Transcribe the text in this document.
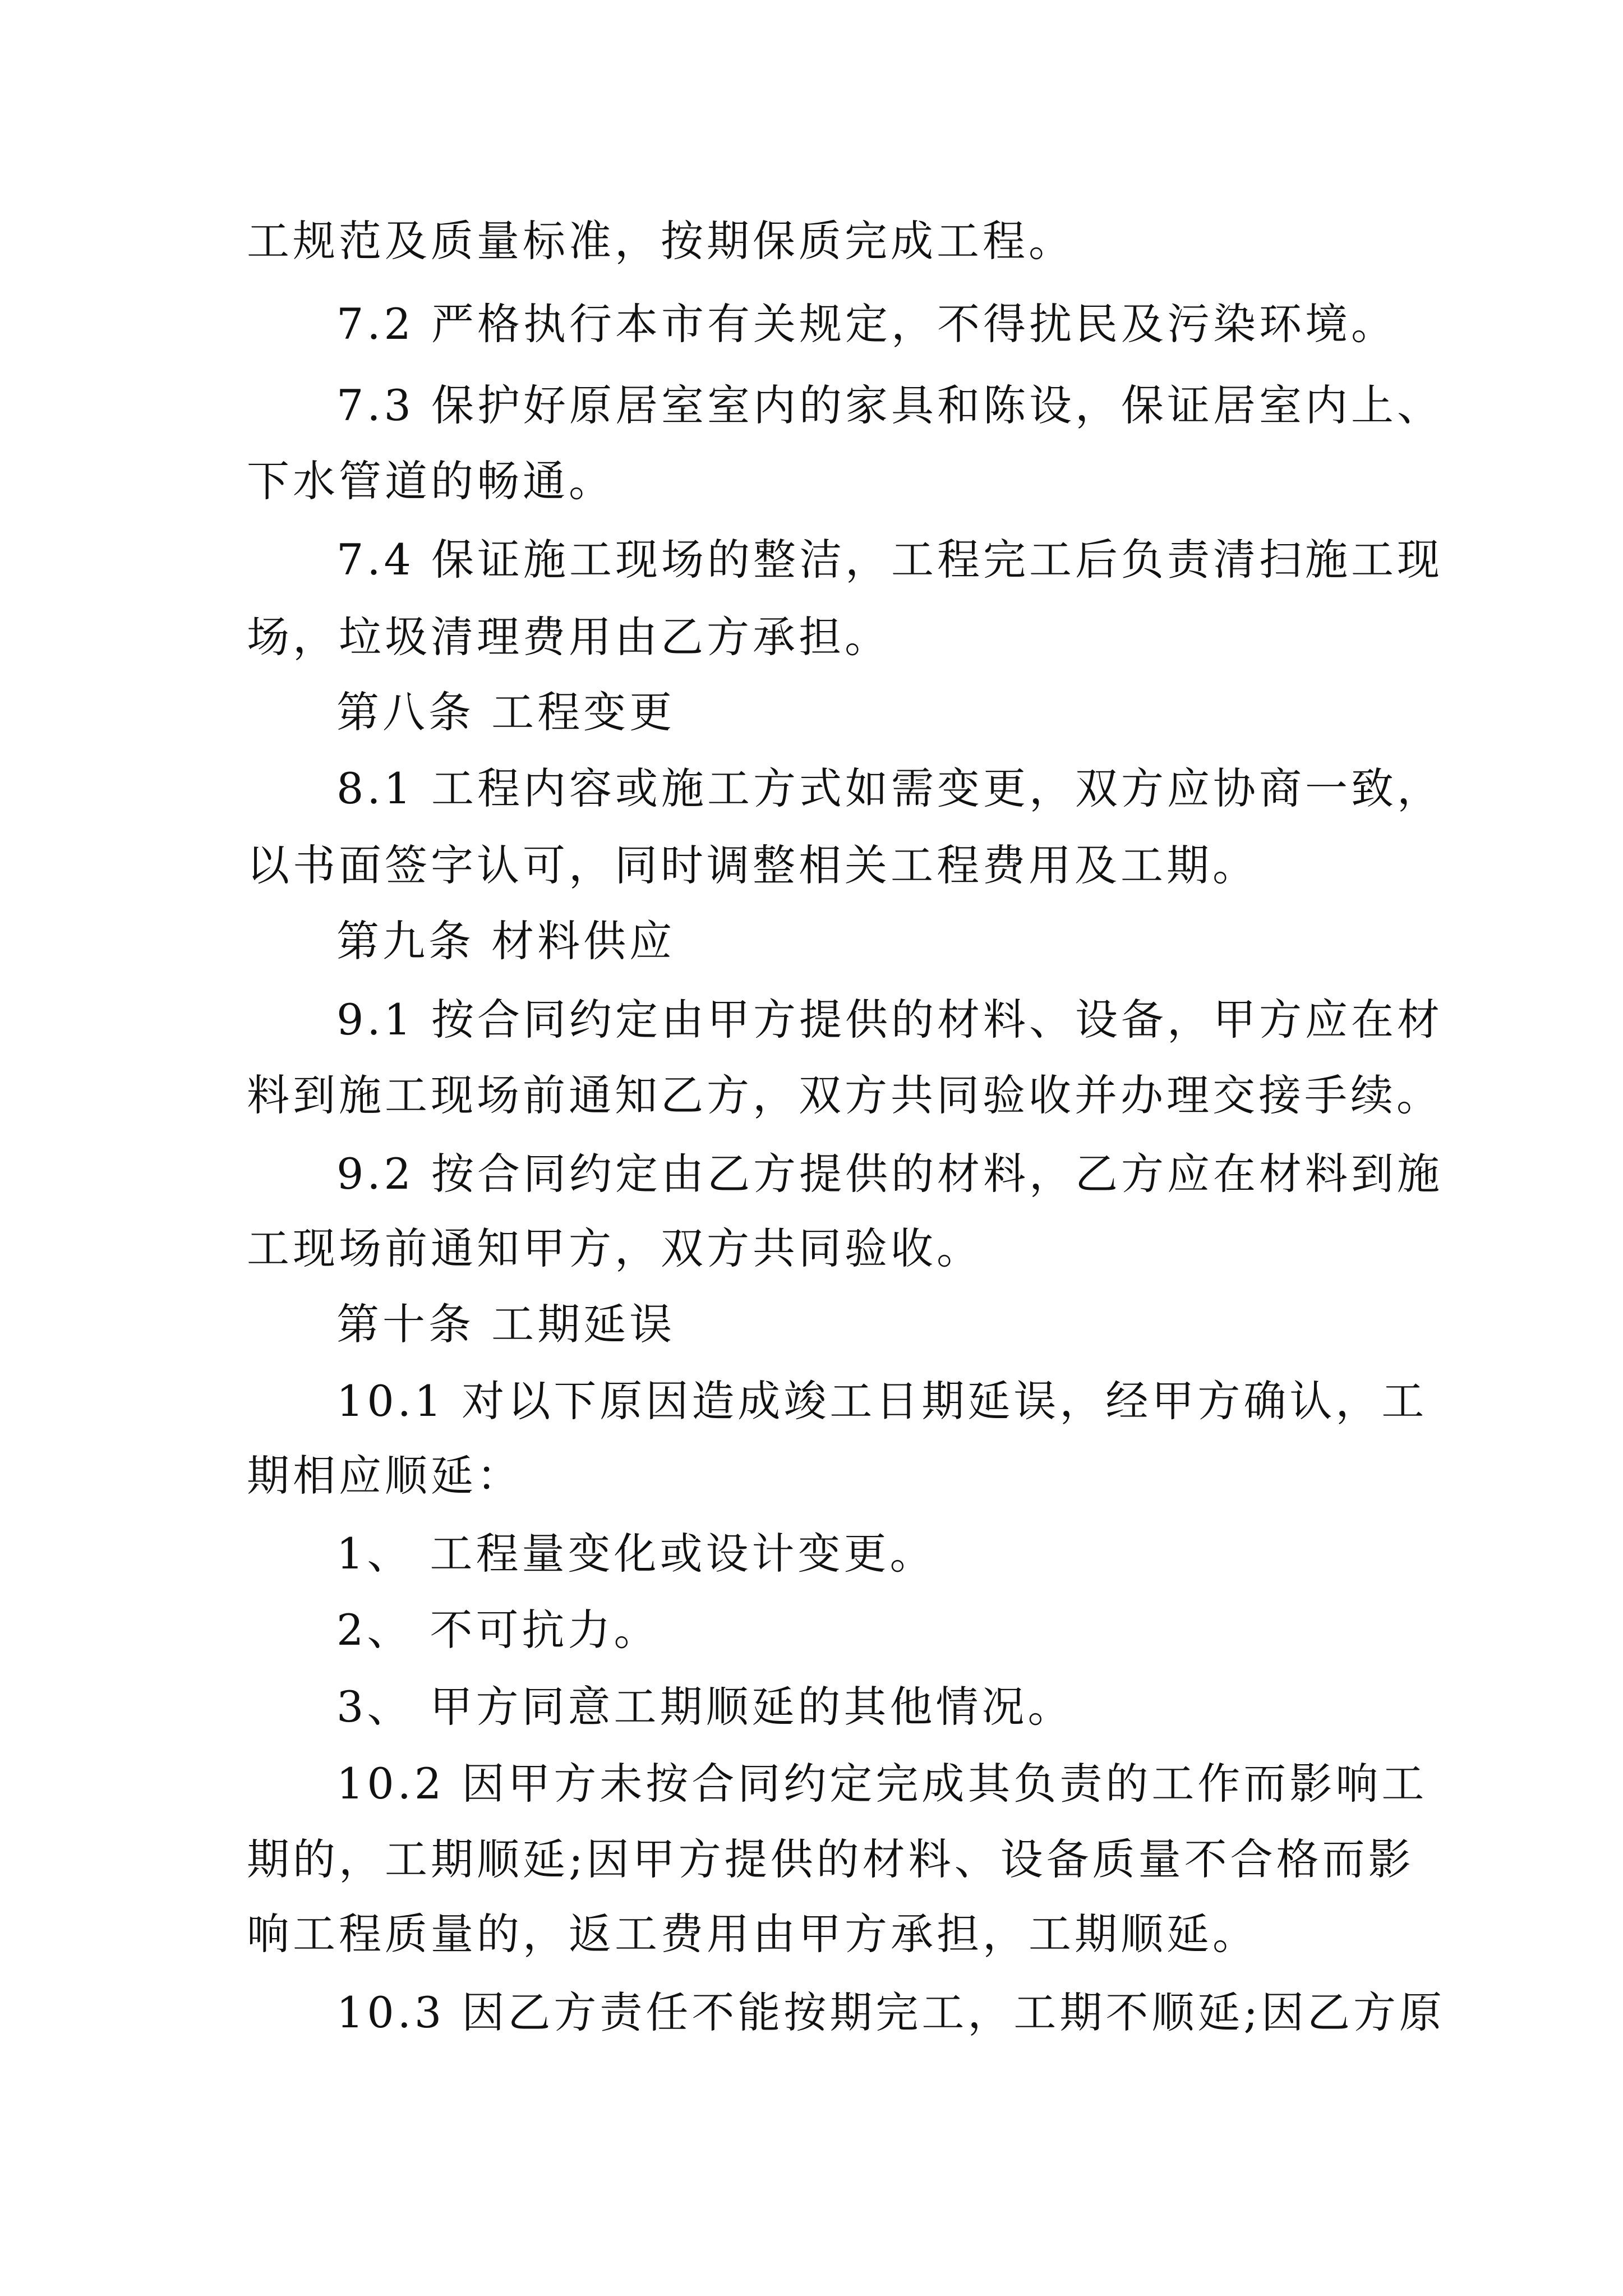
工规范及质量标准，按期保质完成工程。
7.2 严格执行本市有关规定，不得扰民及污染环境。
7.3 保护好原居室室内的家具和陈设，保证居室内上、
下水管道的畅通。
7.4 保证施工现场的整洁，工程完工后负责清扫施工现
场，垃圾清理费用由乙方承担。
第八条 工程变更
8.1 工程内容或施工方式如需变更，双方应协商一致，
以书面签字认可，同时调整相关工程费用及工期。
第九条 材料供应
9.1 按合同约定由甲方提供的材料、设备，甲方应在材
料到施工现场前通知乙方，双方共同验收并办理交接手续。
9.2 按合同约定由乙方提供的材料，乙方应在材料到施
工现场前通知甲方，双方共同验收。
第十条 工期延误
10.1 对以下原因造成竣工日期延误，经甲方确认，工
期相应顺延：
1、 工程量变化或设计变更。
2、 不可抗力。
3、 甲方同意工期顺延的其他情况。
10.2 因甲方未按合同约定完成其负责的工作而影响工
期的，工期顺延;因甲方提供的材料、设备质量不合格而影
响工程质量的，返工费用由甲方承担，工期顺延。
10.3 因乙方责任不能按期完工，工期不顺延;因乙方原
